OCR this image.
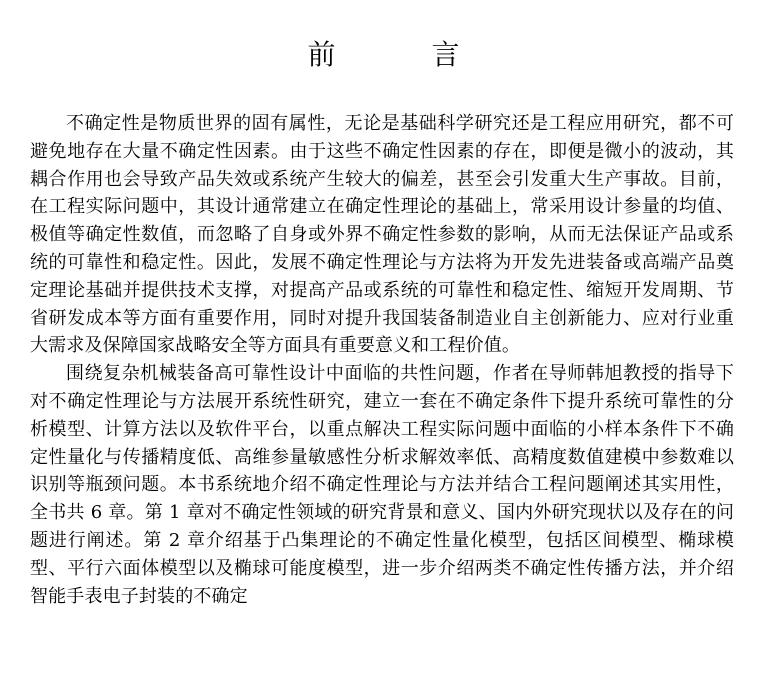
前　言

不确定性是物质世界的固有属性，无论是基础科学研究还是工程应用研究，都不可避免地存在大量不确定性因素。由于这些不确定性因素的存在，即便是微小的波动，其耦合作用也会导致产品失效或系统产生较大的偏差，甚至会引发重大生产事故。目前，在工程实际问题中，其设计通常建立在确定性理论的基础上，常采用设计参量的均值、极值等确定性数值，而忽略了自身或外界不确定性参数的影响，从而无法保证产品或系统的可靠性和稳定性。因此，发展不确定性理论与方法将为开发先进装备或高端产品奠定理论基础并提供技术支撑，对提高产品或系统的可靠性和稳定性、缩短开发周期、节省研发成本等方面有重要作用，同时对提升我国装备制造业自主创新能力、应对行业重大需求及保障国家战略安全等方面具有重要意义和工程价值。

围绕复杂机械装备高可靠性设计中面临的共性问题，作者在导师韩旭教授的指导下对不确定性理论与方法展开系统性研究，建立一套在不确定条件下提升系统可靠性的分析模型、计算方法以及软件平台，以重点解决工程实际问题中面临的小样本条件下不确定性量化与传播精度低、高维参量敏感性分析求解效率低、高精度数值建模中参数难以识别等瓶颈问题。本书系统地介绍不确定性理论与方法并结合工程问题阐述其实用性，全书共 6 章。第 1 章对不确定性领域的研究背景和意义、国内外研究现状以及存在的问题进行阐述。第 2 章介绍基于凸集理论的不确定性量化模型，包括区间模型、椭球模型、平行六面体模型以及椭球可能度模型，进一步介绍两类不确定性传播方法，并介绍智能手表电子封装的不确定
